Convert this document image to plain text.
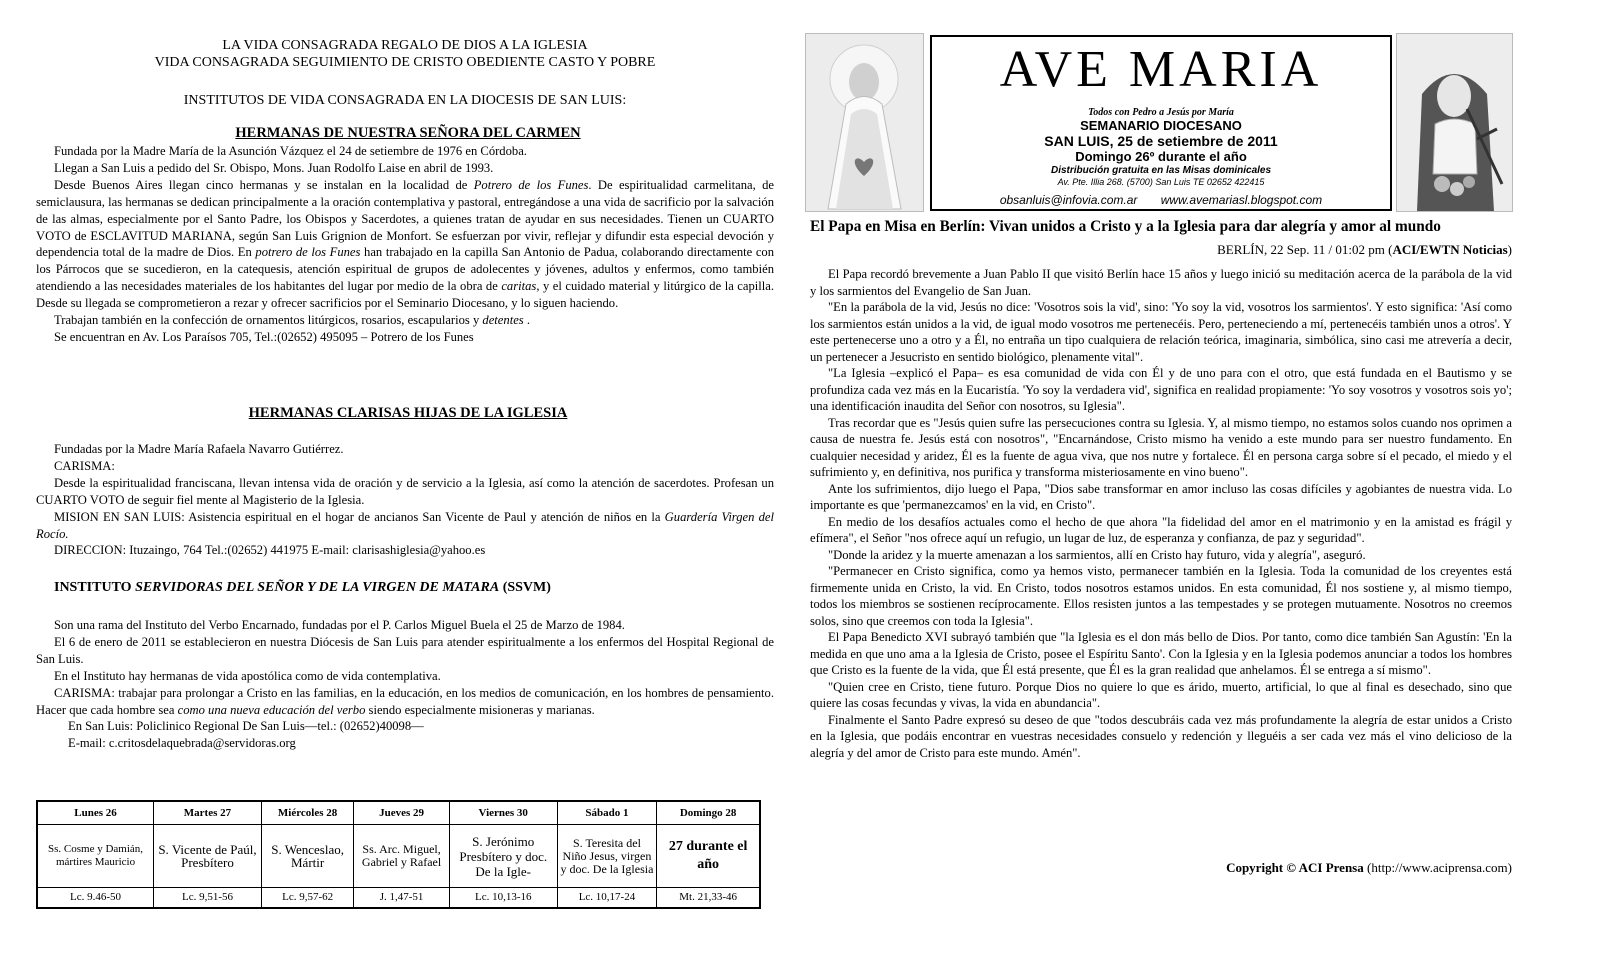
LA VIDA CONSAGRADA REGALO DE DIOS A LA IGLESIA
VIDA CONSAGRADA SEGUIMIENTO DE CRISTO OBEDIENTE CASTO Y POBRE
INSTITUTOS DE VIDA CONSAGRADA EN LA DIOCESIS DE SAN LUIS:
HERMANAS DE NUESTRA SEÑORA DEL CARMEN

Fundada por la Madre María de la Asunción Vázquez el 24 de setiembre de 1976 en Córdoba.

Llegan a San Luis a pedido del Sr. Obispo, Mons. Juan Rodolfo Laise en abril de 1993.

Desde Buenos Aires llegan cinco hermanas y se instalan en la localidad de Potrero de los Funes. De espiritualidad carmelitana, de semiclausura, las hermanas se dedican principalmente a la oración contemplativa y pastoral, entregándose a una vida de sacrificio por la salvación de las almas, especialmente por el Santo Padre, los Obispos y Sacerdotes, a quienes tratan de ayudar en sus necesidades. Tienen un CUARTO VOTO de ESCLAVITUD MARIANA, según San Luis Grignion de Monfort. Se esfuerzan por vivir, reflejar y difundir esta especial devoción y dependencia total de la madre de Dios. En potrero de los Funes han trabajado en la capilla San Antonio de Padua, colaborando directamente con los Párrocos que se sucedieron, en la catequesis, atención espiritual de grupos de adolecentes y jóvenes, adultos y enfermos, como también atendiendo a las necesidades materiales de los habitantes del lugar por medio de la obra de caritas, y el cuidado material y litúrgico de la capilla. Desde su llegada se comprometieron a rezar y ofrecer sacrificios por el Seminario Diocesano, y lo siguen haciendo.

Trabajan también en la confección de ornamentos litúrgicos, rosarios, escapularios y detentes .

Se encuentran en Av. Los Paraísos 705, Tel.:(02652) 495095 – Potrero de los Funes

HERMANAS CLARISAS HIJAS DE LA IGLESIA

Fundadas por la Madre María Rafaela Navarro Gutiérrez.

CARISMA:

Desde la espiritualidad franciscana, llevan intensa vida de oración y de servicio a la Iglesia, así como la atención de sacerdotes. Profesan un CUARTO VOTO de seguir fiel mente al Magisterio de la Iglesia.

MISION EN SAN LUIS: Asistencia espiritual en el hogar de ancianos San Vicente de Paul y atención de niños en la Guardería Virgen del Rocío.

DIRECCION: Ituzaingo, 764 Tel.:(02652) 441975 E-mail: clarisashiglesia@yahoo.es

INSTITUTO SERVIDORAS DEL SEÑOR Y DE LA VIRGEN DE MATARA (SSVM)

Son una rama del Instituto del Verbo Encarnado, fundadas por el P. Carlos Miguel Buela el 25 de Marzo de 1984.

El 6 de enero de 2011 se establecieron en nuestra Diócesis de San Luis para atender espiritualmente a los enfermos del Hospital Regional de San Luis.

En el Instituto hay hermanas de vida apostólica como de vida contemplativa.

CARISMA: trabajar para prolongar a Cristo en las familias, en la educación, en los medios de comunicación, en los hombres de pensamiento. Hacer que cada hombre sea como una nueva educación del verbo siendo especialmente misioneras y marianas.

En San Luis: Policlinico Regional De San Luis—tel.: (02652)40098—

E-mail: c.critosdelaquebrada@servidoras.org

Lunes 26	Martes 27	Miércoles 28	Jueves 29	Viernes 30	Sábado 1	Domingo 28
Ss. Cosme y Damián, mártires Mauricio	S. Vicente de Paúl, Presbítero	S. Wenceslao, Mártir	Ss. Arc. Miguel, Gabriel y Rafael	S. Jerónimo Presbítero y doc. De la Igle-	S. Teresita del Niño Jesus, virgen y doc. De la Iglesia	27 durante el año
Lc. 9.46-50	Lc. 9,51-56	Lc. 9,57-62	J. 1,47-51	Lc. 10,13-16	Lc. 10,17-24	Mt. 21,33-46
AVE MARIA
Todos con Pedro a Jesús por María
SEMANARIO DIOCESANO
SAN LUIS, 25 de setiembre de 2011
Domingo 26º durante el año
Distribución gratuita en las Misas dominicales
Av. Pte. Illia 268. (5700) San Luis TE 02652 422415
obsanluis@infovia.com.ar www.avemariasl.blogspot.com
El Papa en Misa en Berlín: Vivan unidos a Cristo y a la Iglesia para dar alegría y amor al mundo
BERLÍN, 22 Sep. 11 / 01:02 pm (ACI/EWTN Noticias)

El Papa recordó brevemente a Juan Pablo II que visitó Berlín hace 15 años y luego inició su meditación acerca de la parábola de la vid y los sarmientos del Evangelio de San Juan.

"En la parábola de la vid, Jesús no dice: 'Vosotros sois la vid', sino: 'Yo soy la vid, vosotros los sarmientos'. Y esto significa: 'Así como los sarmientos están unidos a la vid, de igual modo vosotros me pertenecéis. Pero, perteneciendo a mí, pertenecéis también unos a otros'. Y este pertenecerse uno a otro y a Él, no entraña un tipo cualquiera de relación teórica, imaginaria, simbólica, sino casi me atrevería a decir, un pertenecer a Jesucristo en sentido biológico, plenamente vital".

"La Iglesia –explicó el Papa– es esa comunidad de vida con Él y de uno para con el otro, que está fundada en el Bautismo y se profundiza cada vez más en la Eucaristía. 'Yo soy la verdadera vid', significa en realidad propiamente: 'Yo soy vosotros y vosotros sois yo'; una identificación inaudita del Señor con nosotros, su Iglesia".

Tras recordar que es "Jesús quien sufre las persecuciones contra su Iglesia. Y, al mismo tiempo, no estamos solos cuando nos oprimen a causa de nuestra fe. Jesús está con nosotros", "Encarnándose, Cristo mismo ha venido a este mundo para ser nuestro fundamento. En cualquier necesidad y aridez, Él es la fuente de agua viva, que nos nutre y fortalece. Él en persona carga sobre sí el pecado, el miedo y el sufrimiento y, en definitiva, nos purifica y transforma misteriosamente en vino bueno".

Ante los sufrimientos, dijo luego el Papa, "Dios sabe transformar en amor incluso las cosas difíciles y agobiantes de nuestra vida. Lo importante es que 'permanezcamos' en la vid, en Cristo".

En medio de los desafíos actuales como el hecho de que ahora "la fidelidad del amor en el matrimonio y en la amistad es frágil y efímera", el Señor "nos ofrece aquí un refugio, un lugar de luz, de esperanza y confianza, de paz y seguridad".

"Donde la aridez y la muerte amenazan a los sarmientos, allí en Cristo hay futuro, vida y alegría", aseguró.

"Permanecer en Cristo significa, como ya hemos visto, permanecer también en la Iglesia. Toda la comunidad de los creyentes está firmemente unida en Cristo, la vid. En Cristo, todos nosotros estamos unidos. En esta comunidad, Él nos sostiene y, al mismo tiempo, todos los miembros se sostienen recíprocamente. Ellos resisten juntos a las tempestades y se protegen mutuamente. Nosotros no creemos solos, sino que creemos con toda la Iglesia".

El Papa Benedicto XVI subrayó también que "la Iglesia es el don más bello de Dios. Por tanto, como dice también San Agustín: 'En la medida en que uno ama a la Iglesia de Cristo, posee el Espíritu Santo'. Con la Iglesia y en la Iglesia podemos anunciar a todos los hombres que Cristo es la fuente de la vida, que Él está presente, que Él es la gran realidad que anhelamos. Él se entrega a sí mismo".

"Quien cree en Cristo, tiene futuro. Porque Dios no quiere lo que es árido, muerto, artificial, lo que al final es desechado, sino que quiere las cosas fecundas y vivas, la vida en abundancia".

Finalmente el Santo Padre expresó su deseo de que "todos descubráis cada vez más profundamente la alegría de estar unidos a Cristo en la Iglesia, que podáis encontrar en vuestras necesidades consuelo y redención y lleguéis a ser cada vez más el vino delicioso de la alegría y del amor de Cristo para este mundo. Amén".

Copyright © ACI Prensa (http://www.aciprensa.com)
